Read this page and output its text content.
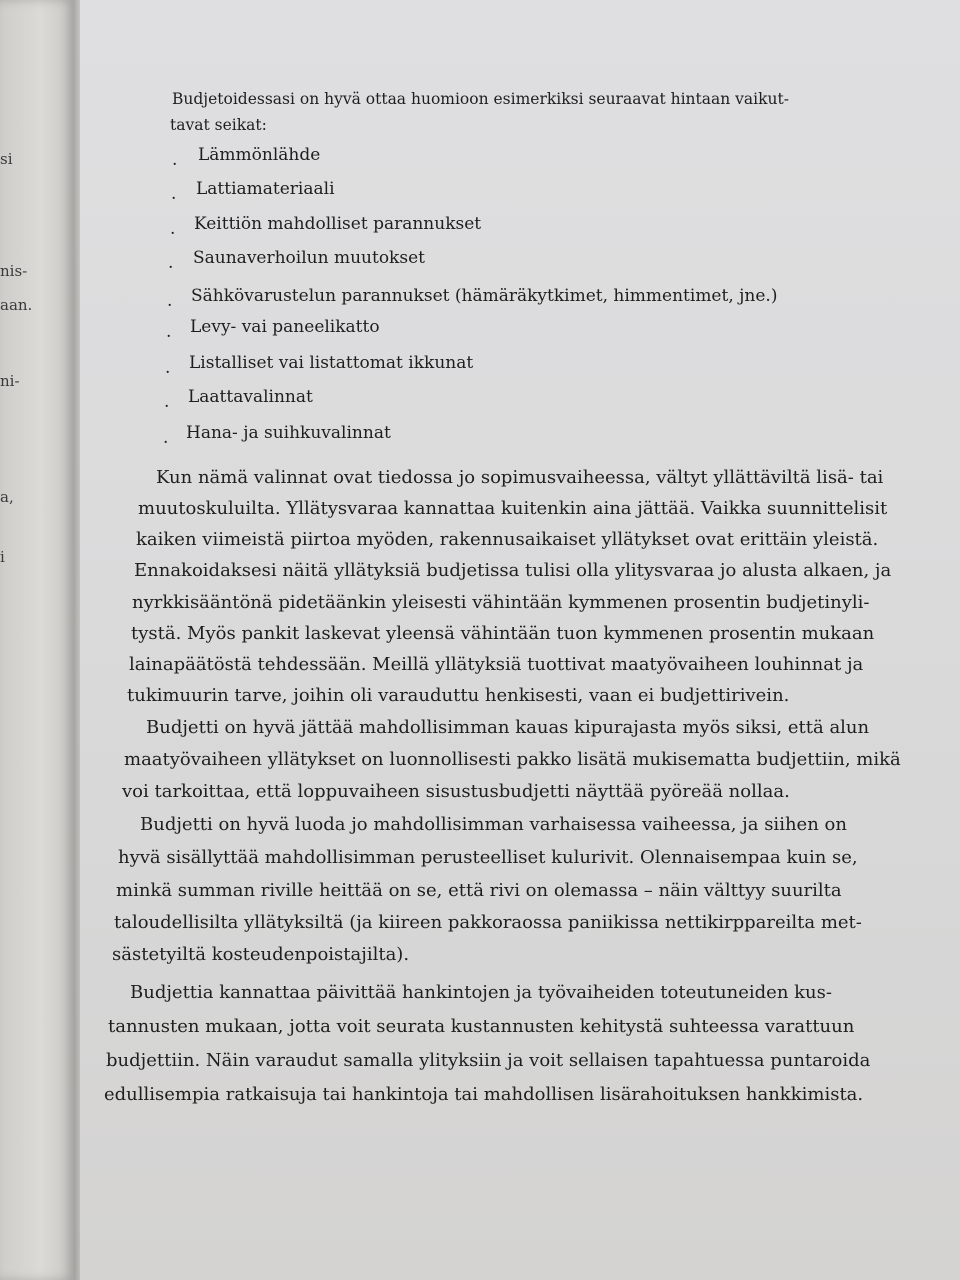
si
nis-
aan.
ni-
a,
i

Budjetoidessasi on hyvä ottaa huomioon esimerkiksi seuraavat hintaan vaikut-

tavat seikat:

. Lämmönlähde

. Lattiamateriaali

. Keittiön mahdolliset parannukset

. Saunaverhoilun muutokset

. Sähkövarustelun parannukset (hämäräkytkimet, himmentimet, jne.)

. Levy- vai paneelikatto

. Listalliset vai listattomat ikkunat

. Laattavalinnat

. Hana- ja suihkuvalinnat

Kun nämä valinnat ovat tiedossa jo sopimusvaiheessa, vältyt yllättäviltä lisä- tai

muutoskuluilta. Yllätysvaraa kannattaa kuitenkin aina jättää. Vaikka suunnittelisit

kaiken viimeistä piirtoa myöden, rakennusaikaiset yllätykset ovat erittäin yleistä.

Ennakoidaksesi näitä yllätyksiä budjetissa tulisi olla ylitysvaraa jo alusta alkaen, ja

nyrkkisääntönä pidetäänkin yleisesti vähintään kymmenen prosentin budjetinyli-

tystä. Myös pankit laskevat yleensä vähintään tuon kymmenen prosentin mukaan

lainapäätöstä tehdessään. Meillä yllätyksiä tuottivat maatyövaiheen louhinnat ja

tukimuurin tarve, joihin oli varauduttu henkisesti, vaan ei budjettirivein.

Budjetti on hyvä jättää mahdollisimman kauas kipurajasta myös siksi, että alun

maatyövaiheen yllätykset on luonnollisesti pakko lisätä mukisematta budjettiin, mikä

voi tarkoittaa, että loppuvaiheen sisustusbudjetti näyttää pyöreää nollaa.

Budjetti on hyvä luoda jo mahdollisimman varhaisessa vaiheessa, ja siihen on

hyvä sisällyttää mahdollisimman perusteelliset kulurivit. Olennaisempaa kuin se,

minkä summan riville heittää on se, että rivi on olemassa – näin välttyy suurilta

taloudellisilta yllätyksiltä (ja kiireen pakkoraossa paniikissa nettikirppareilta met-

sästetyiltä kosteudenpoistajilta).

Budjettia kannattaa päivittää hankintojen ja työvaiheiden toteutuneiden kus-

tannusten mukaan, jotta voit seurata kustannusten kehitystä suhteessa varattuun

budjettiin. Näin varaudut samalla ylityksiin ja voit sellaisen tapahtuessa puntaroida

edullisempia ratkaisuja tai hankintoja tai mahdollisen lisärahoituksen hankkimista.
